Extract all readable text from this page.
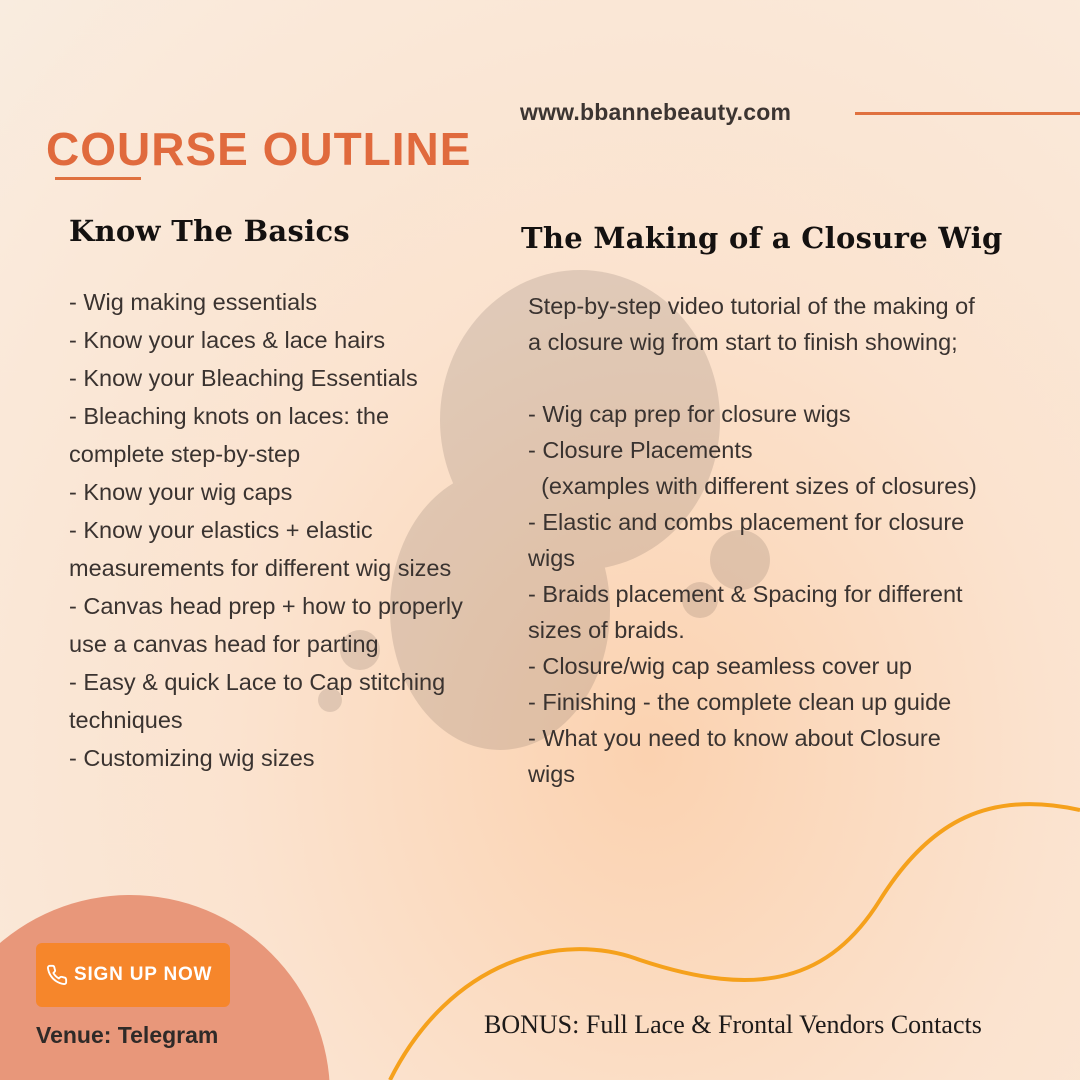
www.bbannebeauty.com
COURSE OUTLINE
Know The Basics
- Wig making essentials
- Know your laces & lace hairs
- Know your Bleaching Essentials
- Bleaching knots on laces: the complete step-by-step
- Know your wig caps
- Know your elastics + elastic measurements for different wig sizes
- Canvas head prep + how to properly use a canvas head for parting
- Easy & quick Lace to Cap stitching techniques
- Customizing wig sizes
The Making of a Closure Wig

Step-by-step video tutorial of the making of a closure wig from start to finish showing;

- Wig cap prep for closure wigs
- Closure Placements
(examples with different sizes of closures)
- Elastic and combs placement for closure wigs
- Braids placement & Spacing for different sizes of braids.
- Closure/wig cap seamless cover up
- Finishing - the complete clean up guide
- What you need to know about Closure wigs
SIGN UP NOW
Venue: Telegram	BONUS: Full Lace & Frontal Vendors Contacts
